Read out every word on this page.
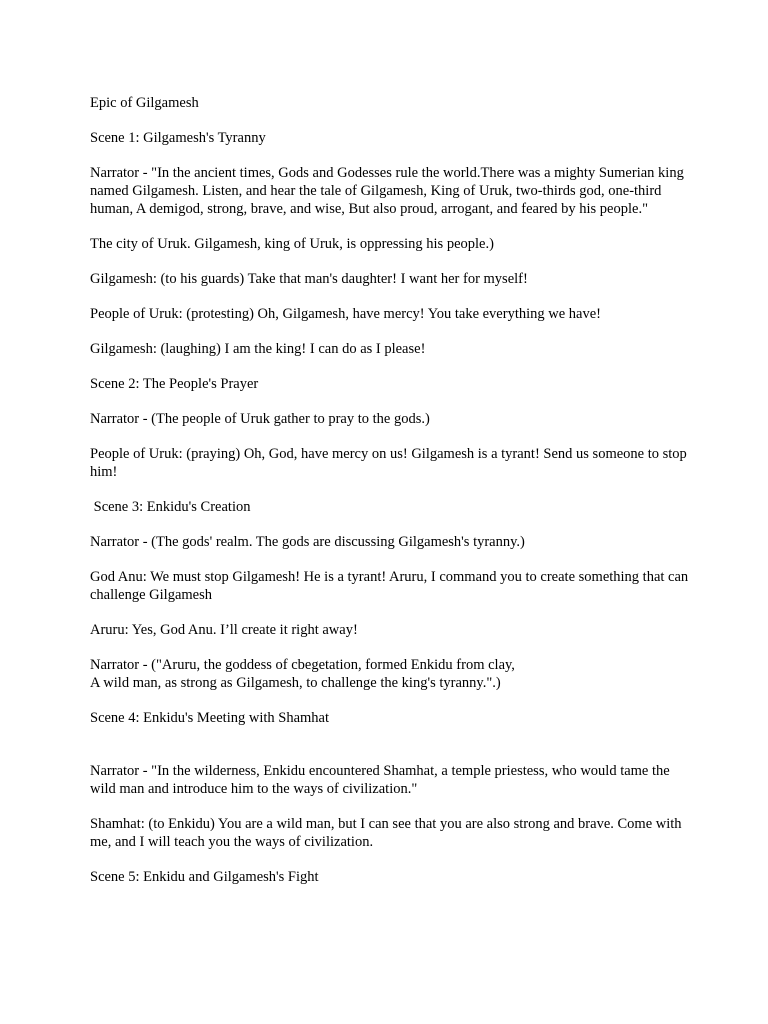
Epic of Gilgamesh

Scene 1: Gilgamesh's Tyranny

Narrator - "In the ancient times, Gods and Godesses rule the world.There was a mighty Sumerian king  named Gilgamesh. Listen, and hear the tale of Gilgamesh, King of Uruk, two-thirds god, one-third human, A demigod, strong, brave, and wise, But also proud, arrogant, and feared by his people."

The city of Uruk. Gilgamesh, king of Uruk, is oppressing his people.)

Gilgamesh: (to his guards) Take that man's daughter! I want her for myself!

People of Uruk: (protesting) Oh, Gilgamesh, have mercy! You take everything we have!

Gilgamesh: (laughing) I am the king! I can do as I please!

Scene 2: The People's Prayer

Narrator - (The people of Uruk gather to pray to the gods.)

People of Uruk: (praying) Oh, God, have mercy on us! Gilgamesh is a tyrant! Send us someone to stop him!

Scene 3: Enkidu's Creation

Narrator - (The gods' realm. The gods are discussing Gilgamesh's tyranny.)

God Anu: We must stop Gilgamesh! He is a tyrant! Aruru, I command you to create something that can challenge Gilgamesh

Aruru: Yes, God Anu. I’ll create it right away!

Narrator - ("Aruru, the goddess of cbegetation, formed Enkidu from clay,
A wild man, as strong as Gilgamesh, to challenge the king's tyranny.".)

Scene 4: Enkidu's Meeting with Shamhat

Narrator - "In the wilderness, Enkidu encountered Shamhat, a temple priestess, who would tame the wild man and introduce him to the ways of civilization."

Shamhat: (to Enkidu) You are a wild man, but I can see that you are also strong and brave. Come with me, and I will teach you the ways of civilization.

Scene 5: Enkidu and Gilgamesh's Fight
